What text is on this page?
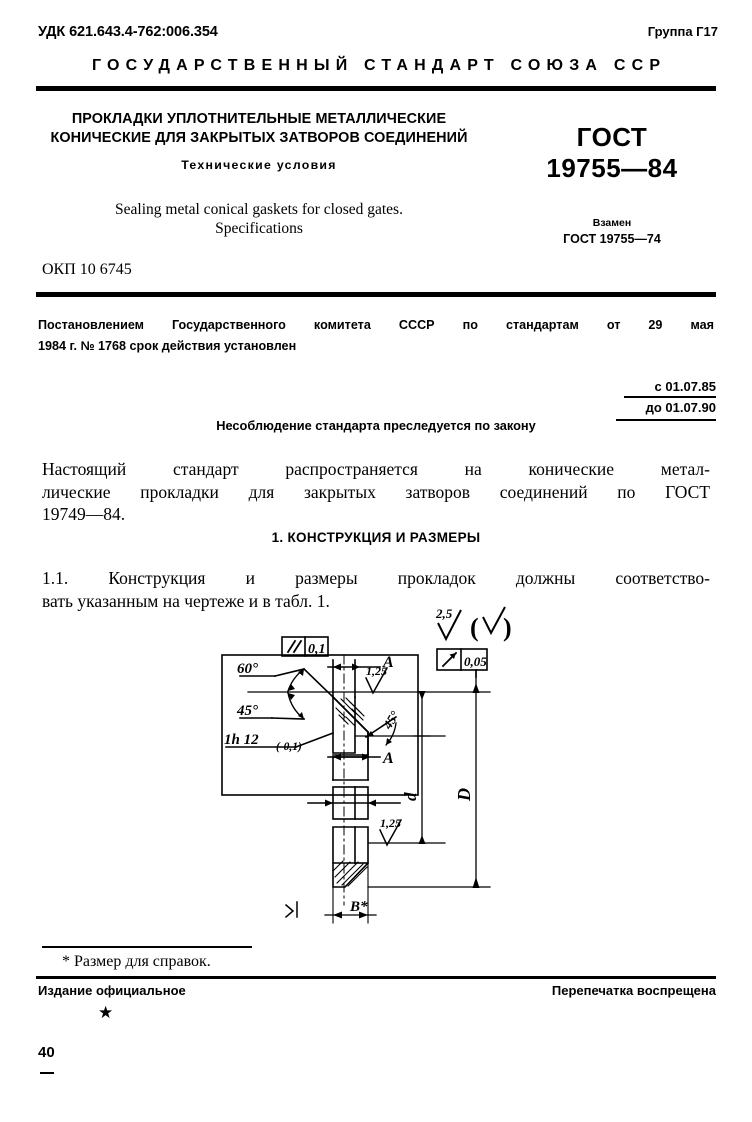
УДК 621.643.4-762:006.354	Группа Г17
ГОСУДАРСТВЕННЫЙ СТАНДАРТ СОЮЗА ССР
ПРОКЛАДКИ УПЛОТНИТЕЛЬНЫЕ МЕТАЛЛИЧЕСКИЕ
КОНИЧЕСКИЕ ДЛЯ ЗАКРЫТЫХ ЗАТВОРОВ СОЕДИНЕНИЙ
Технические условия
Sealing metal conical gaskets for closed gates.
Specifications
ОКП 10 6745
ГОСТ
19755—84
Взамен
ГОСТ 19755—74
Постановлением Государственного комитета СССР по стандартам от 29 мая
1984 г. № 1768 срок действия установлен
с 01.07.85
до 01.07.90
Несоблюдение стандарта преследуется по закону
Настоящий стандарт распространяется на конические метал-
лические прокладки для закрытых затворов соединений по ГОСТ
19749—84.
1. КОНСТРУКЦИЯ И РАЗМЕРЫ
1.1. Конструкция и размеры прокладок должны соответство-
вать указанным на чертеже и в табл. 1.
60°
45°
1h 12 (-0,1)
A
A
1,25
1,25
B*
0,1
0,05
d D
45°
2,5 ( )
* Размер для справок.
Издание официальное	Перепечатка воспрещена
★
40
